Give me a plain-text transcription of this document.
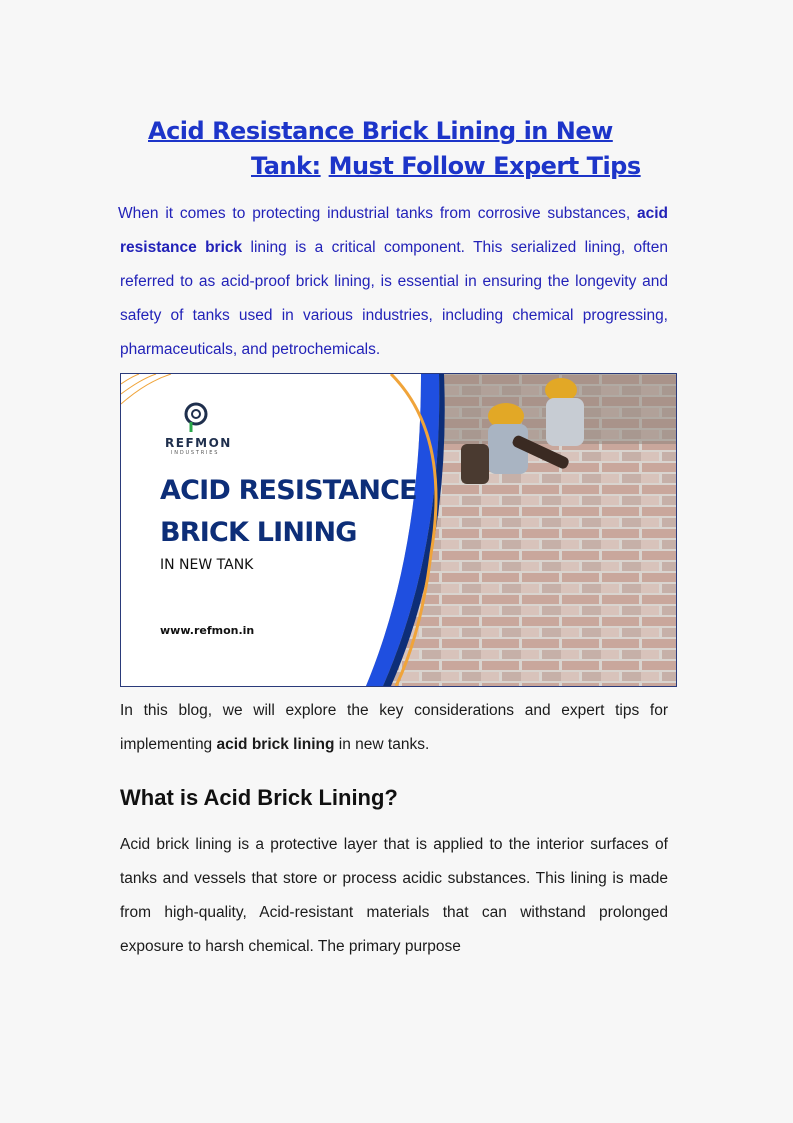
Acid Resistance Brick Lining in New
Tank: Must Follow Expert Tips
When it comes to protecting industrial tanks from corrosive substances, acid resistance brick lining is a critical component. This serialized lining, often referred to as acid-proof brick lining, is essential in ensuring the longevity and safety of tanks used in various industries, including chemical progressing, pharmaceuticals, and petrochemicals.
REFMON
INDUSTRIES
ACID RESISTANCE
BRICK LINING
IN NEW TANK
www.refmon.in
In this blog, we will explore the key considerations and expert tips for implementing acid brick lining in new tanks.
What is Acid Brick Lining?
Acid brick lining is a protective layer that is applied to the interior surfaces of tanks and vessels that store or process acidic substances. This lining is made from high-quality, Acid-resistant materials that can withstand prolonged exposure to harsh chemical. The primary purpose
